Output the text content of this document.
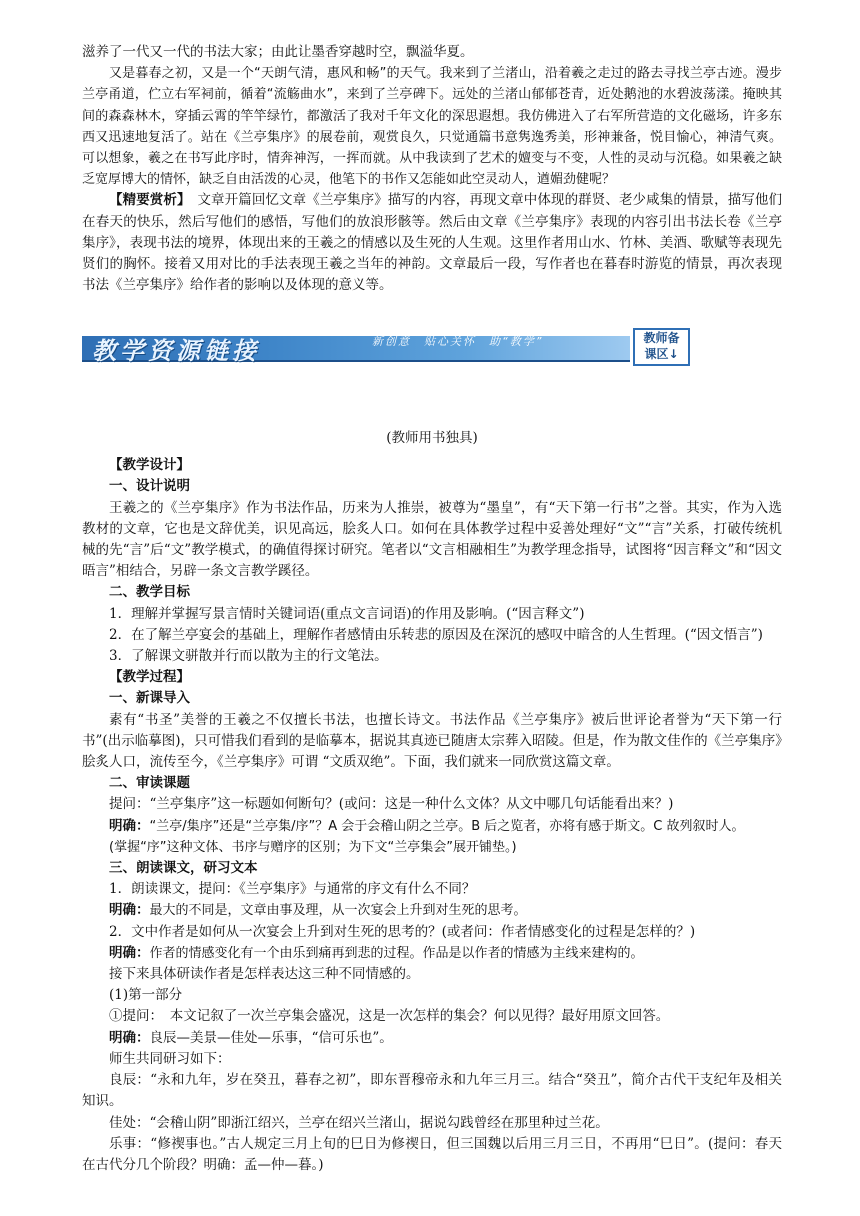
滋养了一代又一代的书法大家；由此让墨香穿越时空，飘溢华夏。

又是暮春之初，又是一个“天朗气清，惠风和畅”的天气。我来到了兰渚山，沿着羲之走过的路去寻找兰亭古迹。漫步兰亭甬道，伫立右军祠前，循着“流觞曲水”，来到了兰亭碑下。远处的兰渚山郁郁苍青，近处鹅池的水碧波荡漾。掩映其间的森森林木，穿插云霄的竿竿绿竹，都激活了我对千年文化的深思遐想。我仿佛进入了右军所营造的文化磁场，许多东西又迅速地复活了。站在《兰亭集序》的展卷前，观赏良久，只觉通篇书意隽逸秀美，形神兼备，悦目愉心，神清气爽。可以想象，羲之在书写此序时，情奔神泻，一挥而就。从中我读到了艺术的嬗变与不变，人性的灵动与沉稳。如果羲之缺乏宽厚博大的情怀，缺乏自由活泼的心灵，他笔下的书作又怎能如此空灵动人，遒媚劲健呢？

【精要赏析】　 文章开篇回忆文章《兰亭集序》描写的内容，再现文章中体现的群贤、老少咸集的情景，描写他们在春天的快乐，然后写他们的感悟，写他们的放浪形骸等。然后由文章《兰亭集序》表现的内容引出书法长卷《兰亭集序》，表现书法的境界，体现出来的王羲之的情感以及生死的人生观。这里作者用山水、竹林、美酒、歌赋等表现先贤们的胸怀。接着又用对比的手法表现王羲之当年的神韵。文章最后一段，写作者也在暮春时游览的情景，再次表现书法《兰亭集序》给作者的影响以及体现的意义等。

教学资源链接	新创意　贴心关怀　助“教学”	教师备
课区↓

(教师用书独具)

【教学设计】

一、设计说明

王羲之的《兰亭集序》作为书法作品，历来为人推崇，被尊为“墨皇”，有“天下第一行书”之誉。其实，作为入选教材的文章，它也是文辞优美，识见高远，脍炙人口。如何在具体教学过程中妥善处理好“文”“言”关系，打破传统机械的先“言”后“文”教学模式，的确值得探讨研究。笔者以“文言相融相生”为教学理念指导，试图将“因言释文”和“因文晤言”相结合，另辟一条文言教学蹊径。

二、教学目标

1．理解并掌握写景言情时关键词语(重点文言词语)的作用及影响。(“因言释文”)

2．在了解兰亭宴会的基础上，理解作者感情由乐转悲的原因及在深沉的感叹中暗含的人生哲理。(“因文悟言”)

3．了解课文骈散并行而以散为主的行文笔法。

【教学过程】

一、新课导入

素有“书圣”美誉的王羲之不仅擅长书法，也擅长诗文。书法作品《兰亭集序》被后世评论者誉为“天下第一行书”(出示临摹图)，只可惜我们看到的是临摹本，据说其真迹已随唐太宗葬入昭陵。但是，作为散文佳作的《兰亭集序》脍炙人口，流传至今，《兰亭集序》可谓 “文质双绝”。下面，我们就来一同欣赏这篇文章。

二、审读课题

提问：“兰亭集序”这一标题如何断句？(或问：这是一种什么文体？从文中哪几句话能看出来？)

明确：“兰亭/集序”还是“兰亭集/序”？A 会于会稽山阴之兰亭。B 后之览者，亦将有感于斯文。C 故列叙时人。

(掌握“序”这种文体、书序与赠序的区别；为下文“兰亭集会”展开铺垫。)

三、朗读课文，研习文本

1．朗读课文，提问：《兰亭集序》与通常的序文有什么不同？

明确：最大的不同是，文章由事及理，从一次宴会上升到对生死的思考。

2．文中作者是如何从一次宴会上升到对生死的思考的？(或者问：作者情感变化的过程是怎样的？)

明确：作者的情感变化有一个由乐到痛再到悲的过程。作品是以作者的情感为主线来建构的。

接下来具体研读作者是怎样表达这三种不同情感的。

(1)第一部分

①提问：　本文记叙了一次兰亭集会盛况，这是一次怎样的集会？何以见得？最好用原文回答。

明确：良辰—美景—佳处—乐事，“信可乐也”。

师生共同研习如下：

良辰：“永和九年，岁在癸丑，暮春之初”，即东晋穆帝永和九年三月三。结合“癸丑”，简介古代干支纪年及相关知识。

佳处：“会稽山阴”即浙江绍兴，兰亭在绍兴兰渚山，据说勾践曾经在那里种过兰花。

乐事：“修禊事也。”古人规定三月上旬的巳日为修禊日，但三国魏以后用三月三日，不再用“巳日”。(提问：春天在古代分几个阶段？明确：孟—仲—暮。)
